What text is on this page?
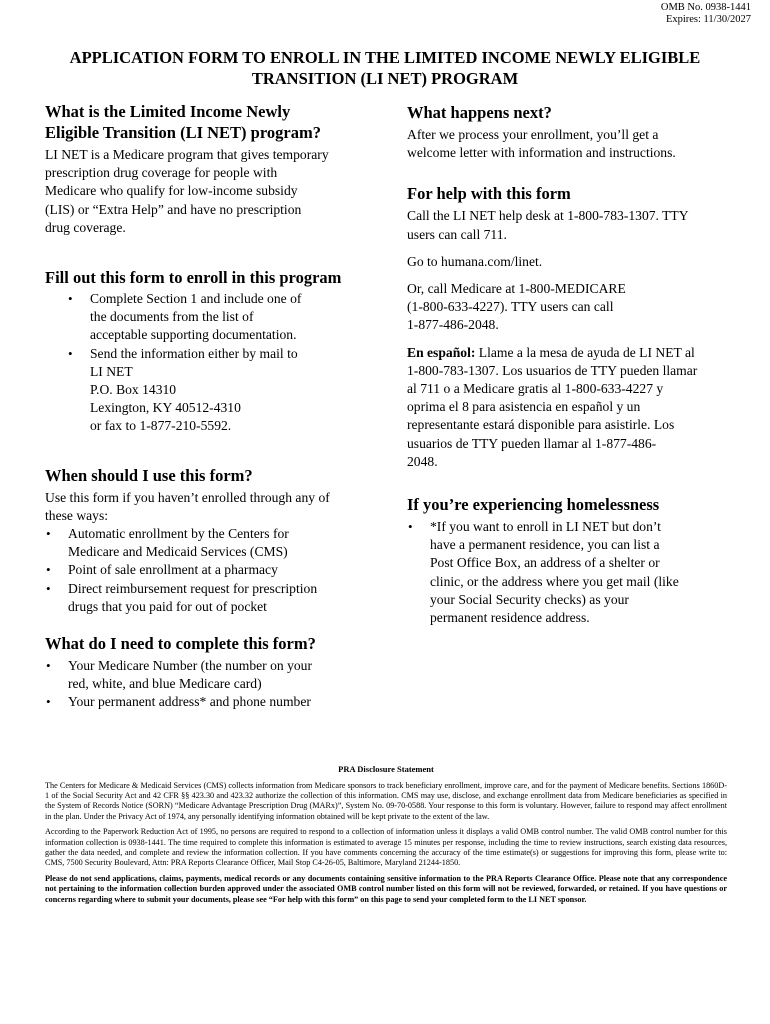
OMB No. 0938-1441
Expires: 11/30/2027
APPLICATION FORM TO ENROLL IN THE LIMITED INCOME NEWLY ELIGIBLE TRANSITION (LI NET) PROGRAM
What is the Limited Income Newly
Eligible Transition (LI NET) program?

LI NET is a Medicare program that gives temporary

prescription drug coverage for people with

Medicare who qualify for low-income subsidy

(LIS) or “Extra Help” and have no prescription

drug coverage.

Fill out this form to enroll in this program
• Complete Section 1 and include one of
the documents from the list of
acceptable supporting documentation.
• Send the information either by mail to
LI NET
P.O. Box 14310
Lexington, KY 40512-4310
or fax to 1-877-210-5592.
When should I use this form?

Use this form if you haven’t enrolled through any of

these ways:

• Automatic enrollment by the Centers for
Medicare and Medicaid Services (CMS)
• Point of sale enrollment at a pharmacy
• Direct reimbursement request for prescription
drugs that you paid for out of pocket
What do I need to complete this form?
• Your Medicare Number (the number on your
red, white, and blue Medicare card)
• Your permanent address* and phone number
What happens next?

After we process your enrollment, you’ll get a

welcome letter with information and instructions.

For help with this form

Call the LI NET help desk at 1-800-783-1307. TTY

users can call 711.

Go to humana.com/linet.

Or, call Medicare at 1-800-MEDICARE

(1-800-633-4227). TTY users can call

1-877-486-2048.

En español: Llame a la mesa de ayuda de LI NET al

1-800-783-1307. Los usuarios de TTY pueden llamar

al 711 o a Medicare gratis al 1-800-633-4227 y

oprima el 8 para asistencia en español y un

representante estará disponible para asistirle. Los

usuarios de TTY pueden llamar al 1-877-486-

2048.

If you’re experiencing homelessness
• *If you want to enroll in LI NET but don’t
have a permanent residence, you can list a
Post Office Box, an address of a shelter or
clinic, or the address where you get mail (like
your Social Security checks) as your
permanent residence address.
PRA Disclosure Statement

The Centers for Medicare & Medicaid Services (CMS) collects information from Medicare sponsors to track beneficiary enrollment, improve care, and for the payment of Medicare benefits. Sections 1860D-1 of the Social Security Act and 42 CFR §§ 423.30 and 423.32 authorize the collection of this information. CMS may use, disclose, and exchange enrollment data from Medicare beneficiaries as specified in the System of Records Notice (SORN) “Medicare Advantage Prescription Drug (MARx)”, System No. 09-70-0588. Your response to this form is voluntary. However, failure to respond may affect enrollment in the plan. Under the Privacy Act of 1974, any personally identifying information obtained will be kept private to the extent of the law.

According to the Paperwork Reduction Act of 1995, no persons are required to respond to a collection of information unless it displays a valid OMB control number. The valid OMB control number for this information collection is 0938-1441. The time required to complete this information is estimated to average 15 minutes per response, including the time to review instructions, search existing data resources, gather the data needed, and complete and review the information collection. If you have comments concerning the accuracy of the time estimate(s) or suggestions for improving this form, please write to: CMS, 7500 Security Boulevard, Attn: PRA Reports Clearance Officer, Mail Stop C4-26-05, Baltimore, Maryland 21244-1850.

Please do not send applications, claims, payments, medical records or any documents containing sensitive information to the PRA Reports Clearance Office. Please note that any correspondence not pertaining to the information collection burden approved under the associated OMB control number listed on this form will not be reviewed, forwarded, or retained. If you have questions or concerns regarding where to submit your documents, please see “For help with this form” on this page to send your completed form to the LI NET sponsor.
